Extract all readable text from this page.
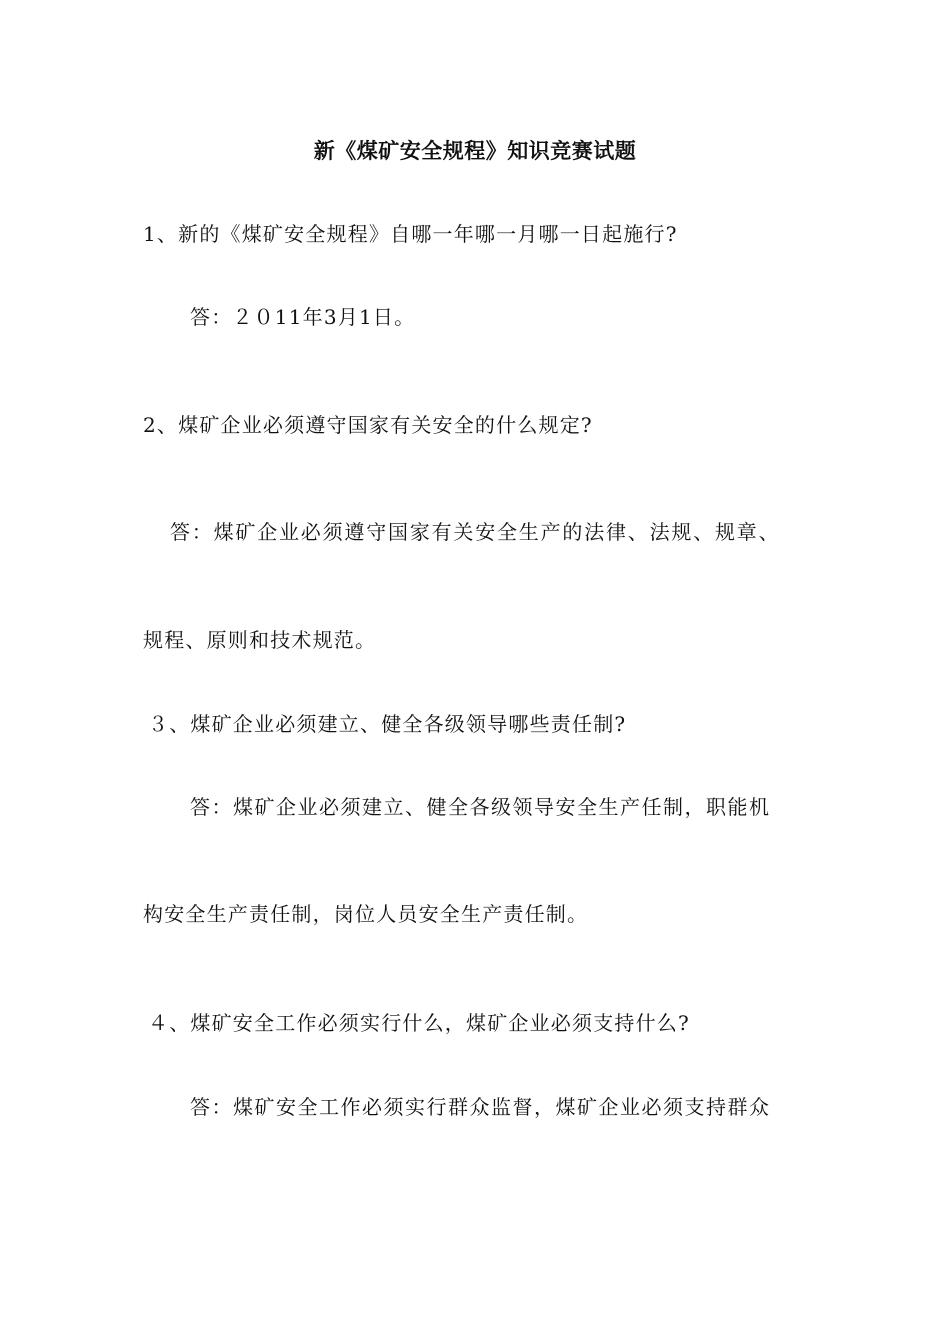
新《煤矿安全规程》知识竞赛试题
1、新的《煤矿安全规程》自哪一年哪一月哪一日起施行?
答：２０11年3月1日。
2、煤矿企业必须遵守国家有关安全的什么规定?
答：煤矿企业必须遵守国家有关安全生产的法律、法规、规章、
规程、原则和技术规范。
３、煤矿企业必须建立、健全各级领导哪些责任制?
答：煤矿企业必须建立、健全各级领导安全生产任制，职能机
构安全生产责任制，岗位人员安全生产责任制。
４、煤矿安全工作必须实行什么，煤矿企业必须支持什么?
答：煤矿安全工作必须实行群众监督，煤矿企业必须支持群众
